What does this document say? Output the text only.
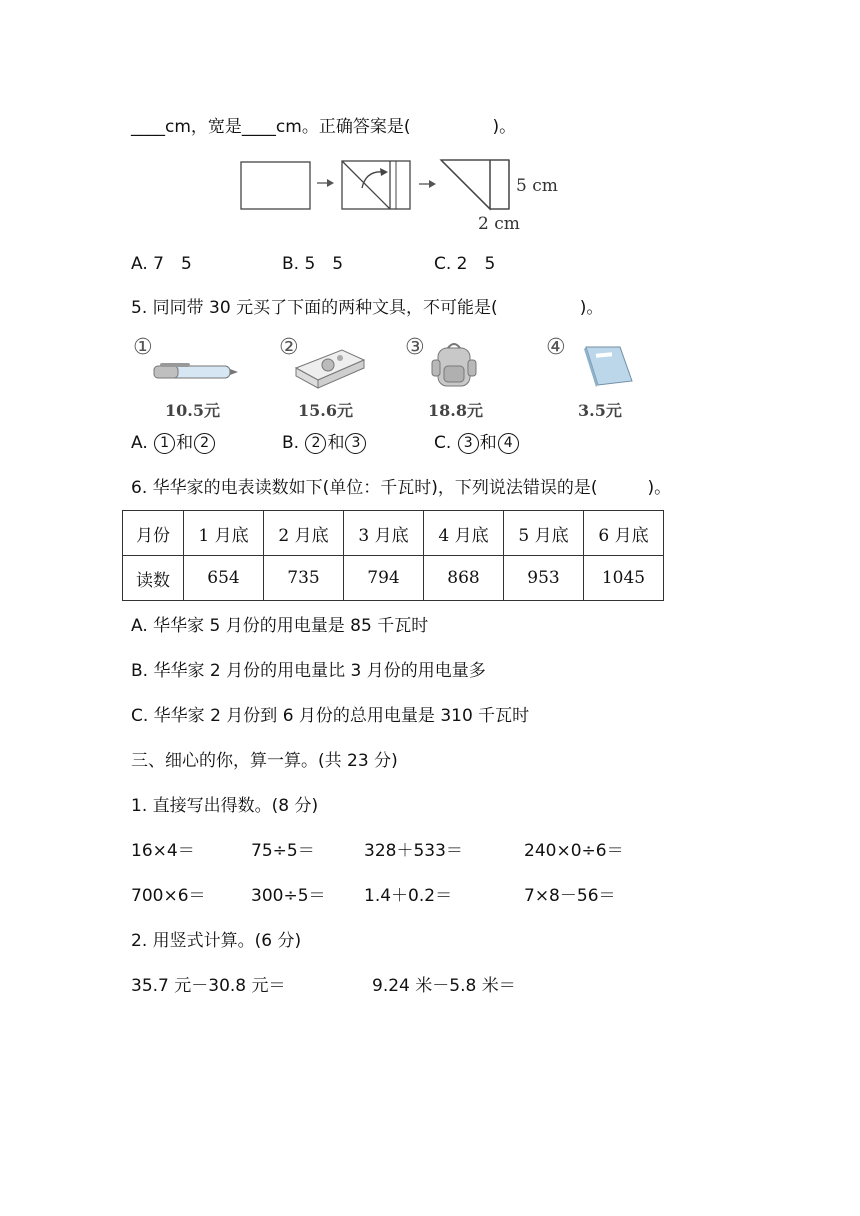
____cm，宽是____cm。正确答案是(	)。
5 cm
2 cm
A. 7　5	B. 5　5	C. 2　5
5. 同同带 30 元买了下面的两种文具，不可能是(	)。
①
10.5元
②
15.6元
③
18.8元
④
3.5元
A. 1 和 2	B. 2 和 3	C. 3 和 4
6. 华华家的电表读数如下(单位：千瓦时)，下列说法错误的是(	)。
月份	1 月底	2 月底	3 月底	4 月底	5 月底	6 月底
读数	654	735	794	868	953	1045
A. 华华家 5 月份的用电量是 85 千瓦时
B. 华华家 2 月份的用电量比 3 月份的用电量多
C. 华华家 2 月份到 6 月份的总用电量是 310 千瓦时
三、细心的你，算一算。(共 23 分)
1. 直接写出得数。(8 分)
16×4＝	75÷5＝	328＋533＝	240×0÷6＝
700×6＝	300÷5＝ 1.4＋0.2＝	7×8－56＝
2. 用竖式计算。(6 分)
35.7 元－30.8 元＝	9.24 米－5.8 米＝
